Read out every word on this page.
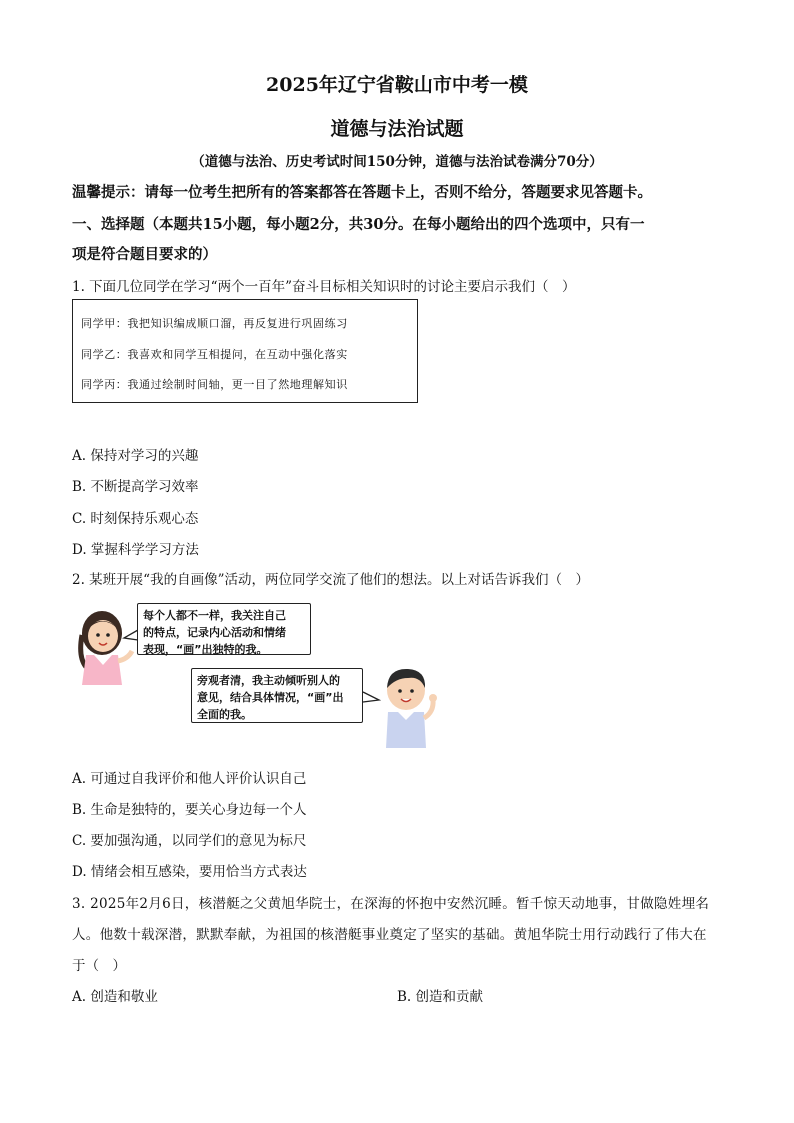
2025年辽宁省鞍山市中考一模
道德与法治试题
（道德与法治、历史考试时间150分钟，道德与法治试卷满分70分）
温馨提示：请每一位考生把所有的答案都答在答题卡上，否则不给分，答题要求见答题卡。
一、选择题（本题共15小题，每小题2分，共30分。在每小题给出的四个选项中，只有一
项是符合题目要求的）
1. 下面几位同学在学习“两个一百年”奋斗目标相关知识时的讨论主要启示我们（　）
同学甲：我把知识编成顺口溜，再反复进行巩固练习
同学乙：我喜欢和同学互相提问，在互动中强化落实
同学丙：我通过绘制时间轴，更一目了然地理解知识
A. 保持对学习的兴趣
B. 不断提高学习效率
C. 时刻保持乐观心态
D. 掌握科学学习方法
2. 某班开展“我的自画像”活动，两位同学交流了他们的想法。以上对话告诉我们（　）
每个人都不一样，我关注自己
的特点，记录内心活动和情绪
表现，“画”出独特的我。
旁观者清，我主动倾听别人的
意见，结合具体情况，“画”出
全面的我。
A. 可通过自我评价和他人评价认识自己
B. 生命是独特的，要关心身边每一个人
C. 要加强沟通，以同学们的意见为标尺
D. 情绪会相互感染，要用恰当方式表达
3. 2025年2月6日，核潜艇之父黄旭华院士，在深海的怀抱中安然沉睡。暂千惊天动地事，甘做隐姓埋名
人。他数十载深潜，默默奉献，为祖国的核潜艇事业奠定了坚实的基础。黄旭华院士用行动践行了伟大在
于（　）
A. 创造和敬业	B. 创造和贡献
